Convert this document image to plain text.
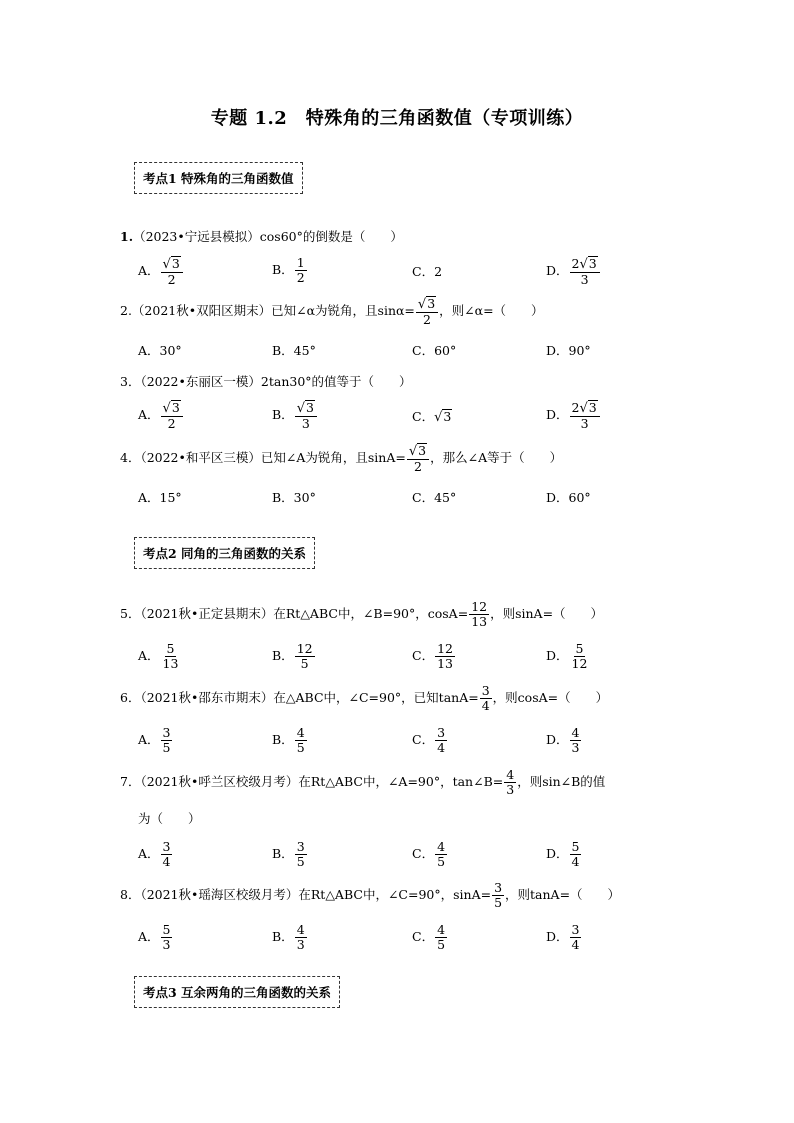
专题 1.2　特殊角的三角函数值（专项训练）
考点1 特殊角的三角函数值
1.（2023•宁远县模拟）cos60°的倒数是（　　）
A． $\frac{√3}{2}$	B． $\frac{1}{2}$	C．2	D． $\frac{2√3}{3}$
2.（2021秋•双阳区期末）已知∠α为锐角，且$\sin\alpha= \frac{√3}{2}$ ，则∠α=（　　）
A．30°	B．45°	C．60°	D．90°
3．（2022•东丽区一模）2tan30°的值等于（　　）
A． $\frac{√3}{2}$	B． $\frac{√3}{3}$	C．√3	D． $\frac{2√3}{3}$
4．（2022•和平区三模）已知∠A为锐角，且$\sin A= \frac{√3}{2}$ ，那么∠A等于（　　）
A．15°	B．30°	C．45°	D．60°
考点2 同角的三角函数的关系
5．（2021秋•正定县期末）在Rt△ABC中，∠B=90°，$\cos A= \frac{12}{13}$ ，则sinA=（　　）
A． $\frac{5}{13}$	B． $\frac{12}{5}$	C． $\frac{12}{13}$	D． $\frac{5}{12}$
6．（2021秋•邵东市期末）在△ABC中，∠C=90°，已知$\tan A= \frac{3}{4}$ ，则cosA=（　　）
A． $\frac{3}{5}$	B． $\frac{4}{5}$	C． $\frac{3}{4}$	D． $\frac{4}{3}$
7．（2021秋•呼兰区校级月考）在Rt△ABC中，∠A=90°，tan∠B= $\frac{4}{3}$ ，则sin∠B的值
为（　　）
A． $\frac{3}{4}$	B． $\frac{3}{5}$	C． $\frac{4}{5}$	D． $\frac{5}{4}$
8．（2021秋•瑶海区校级月考）在Rt△ABC中，∠C=90°，$\sin A= \frac{3}{5}$ ，则tanA=（　　）
A． $\frac{5}{3}$	B． $\frac{4}{3}$	C． $\frac{4}{5}$	D． $\frac{3}{4}$
考点3 互余两角的三角函数的关系
